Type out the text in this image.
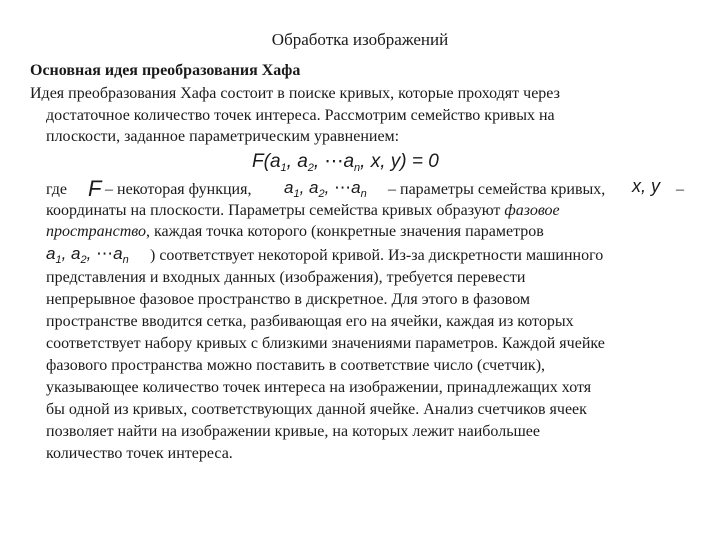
Обработка изображений
Основная идея преобразования Хафа
Идея преобразования Хафа состоит в поиске кривых, которые проходят через
достаточное количество точек интереса. Рассмотрим семейство кривых на
плоскости, заданное параметрическим уравнением:
$F(a_1$, $a_2$, $\cdots a_n$, x, y) = 0
где F – некоторая функция, $a_1$, $a_2$, $\cdots a_n$ – параметры семейства кривых, x, y –
координаты на плоскости. Параметры семейства кривых образуют фазовое
пространство, каждая точка которого (конкретные значения параметров
$a_1$, $a_2$, $\cdots a_n$ ) соответствует некоторой кривой. Из-за дискретности машинного
представления и входных данных (изображения), требуется перевести
непрерывное фазовое пространство в дискретное. Для этого в фазовом
пространстве вводится сетка, разбивающая его на ячейки, каждая из которых
соответствует набору кривых с близкими значениями параметров. Каждой ячейке
фазового пространства можно поставить в соответствие число (счетчик),
указывающее количество точек интереса на изображении, принадлежащих хотя
бы одной из кривых, соответствующих данной ячейке. Анализ счетчиков ячеек
позволяет найти на изображении кривые, на которых лежит наибольшее
количество точек интереса.
